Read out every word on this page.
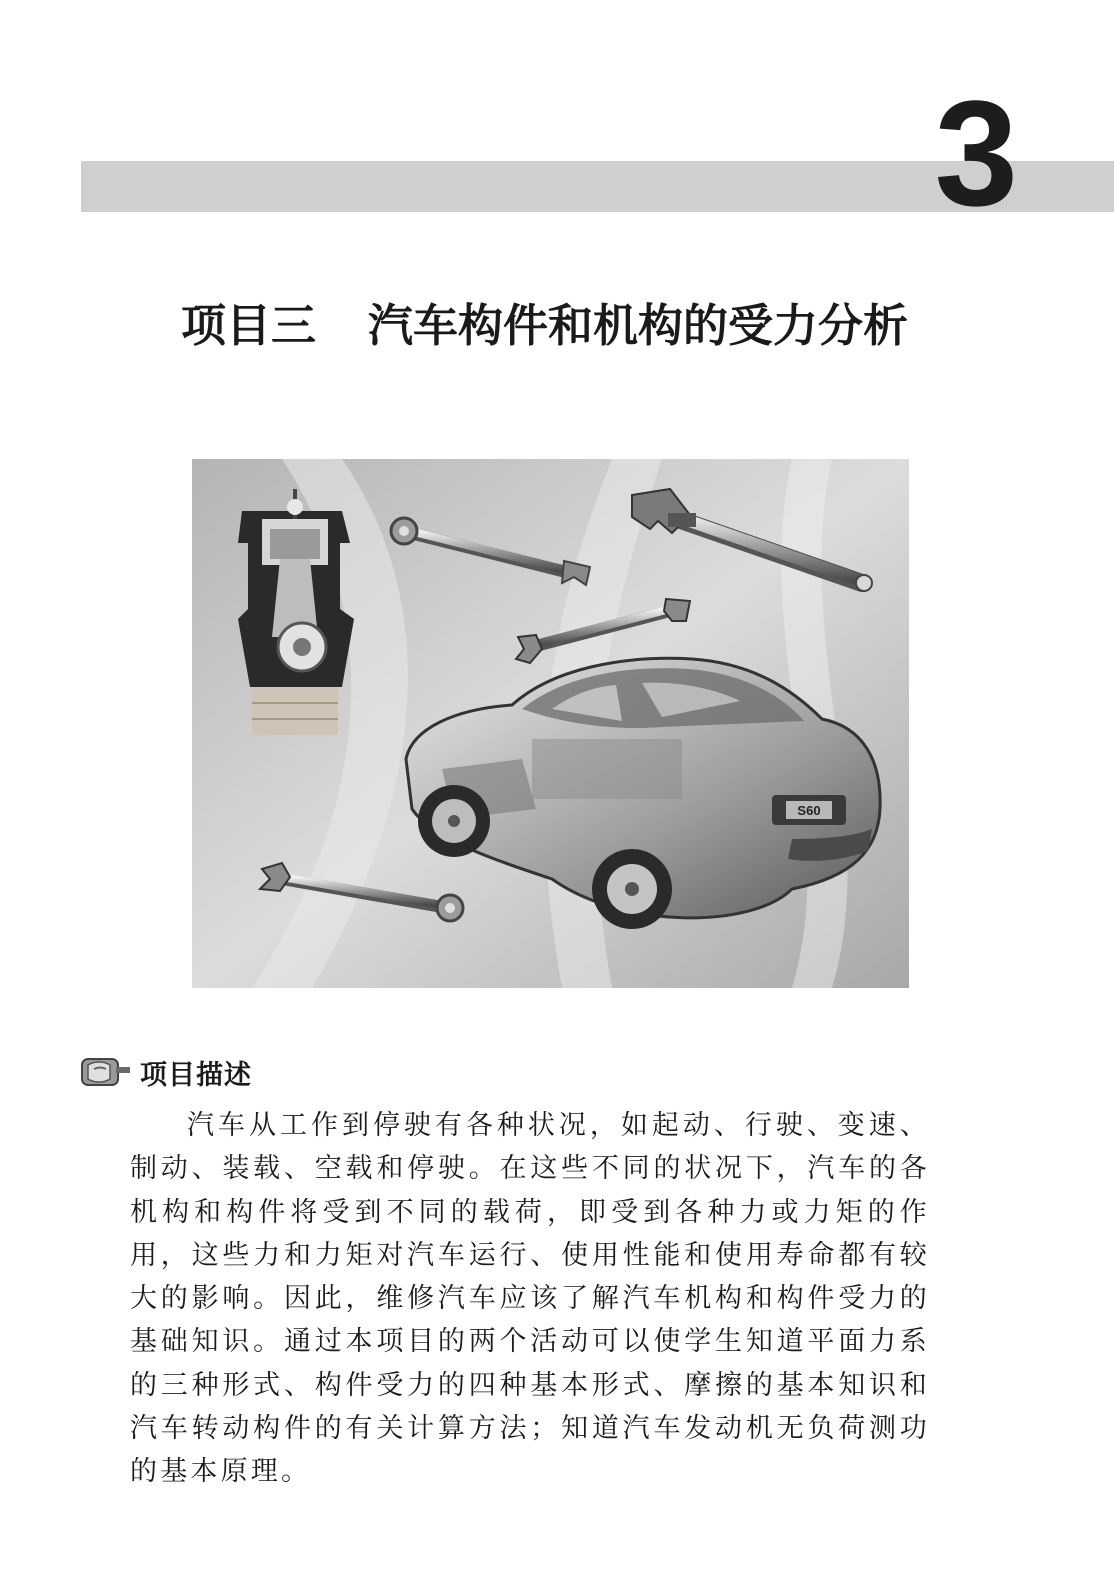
3
项目三 汽车构件和机构的受力分析
S60
项目描述

汽车从工作到停驶有各种状况，如起动、行驶、变速、制动、装载、空载和停驶。在这些不同的状况下，汽车的各机构和构件将受到不同的载荷，即受到各种力或力矩的作用，这些力和力矩对汽车运行、使用性能和使用寿命都有较大的影响。因此，维修汽车应该了解汽车机构和构件受力的基础知识。通过本项目的两个活动可以使学生知道平面力系的三种形式、构件受力的四种基本形式、摩擦的基本知识和汽车转动构件的有关计算方法；知道汽车发动机无负荷测功的基本原理。
